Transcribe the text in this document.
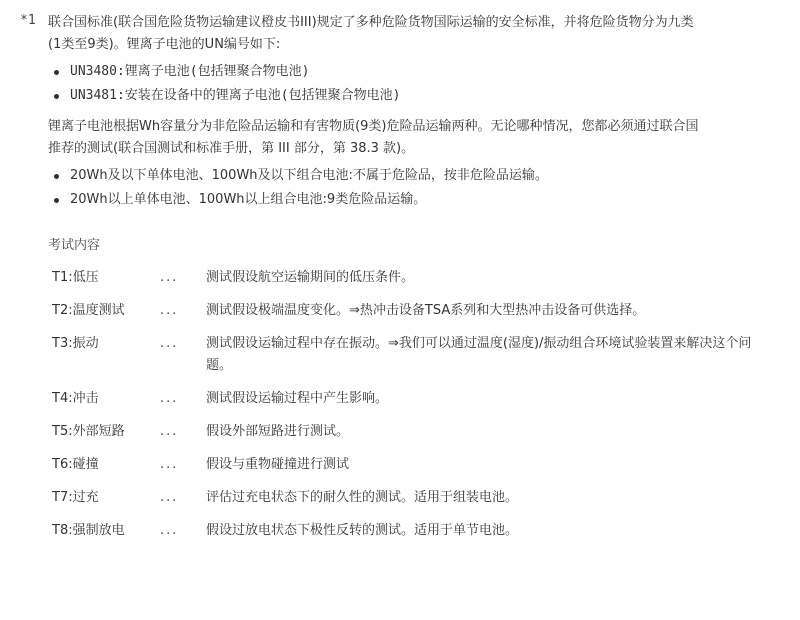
*1 联合国标准(联合国危险货物运输建议橙皮书III)规定了多种危险货物国际运输的安全标准，并将危险货物分为九类
(1类至9类)。锂离子电池的UN编号如下:

UN3480:锂离子电池(包括锂聚合物电池)
UN3481:安装在设备中的锂离子电池(包括锂聚合物电池)

锂离子电池根据Wh容量分为非危险品运输和有害物质(9类)危险品运输两种。无论哪种情况，您都必须通过联合国
推荐的测试(联合国测试和标准手册，第 III 部分，第 38.3 款)。

20Wh及以下单体电池、100Wh及以下组合电池:不属于危险品，按非危险品运输。
20Wh以上单体电池、100Wh以上组合电池:9类危险品运输。
考试内容
T1:低压	...	测试假设航空运输期间的低压条件。
T2:温度测试	...	测试假设极端温度变化。⇒热冲击设备TSA系列和大型热冲击设备可供选择。
T3:振动	...	测试假设运输过程中存在振动。⇒我们可以通过温度(湿度)/振动组合环境试验装置来解决这个问题。
T4:冲击	...	测试假设运输过程中产生影响。
T5:外部短路	...	假设外部短路进行测试。
T6:碰撞	...	假设与重物碰撞进行测试
T7:过充	...	评估过充电状态下的耐久性的测试。适用于组装电池。
T8:强制放电	...	假设过放电状态下极性反转的测试。适用于单节电池。
